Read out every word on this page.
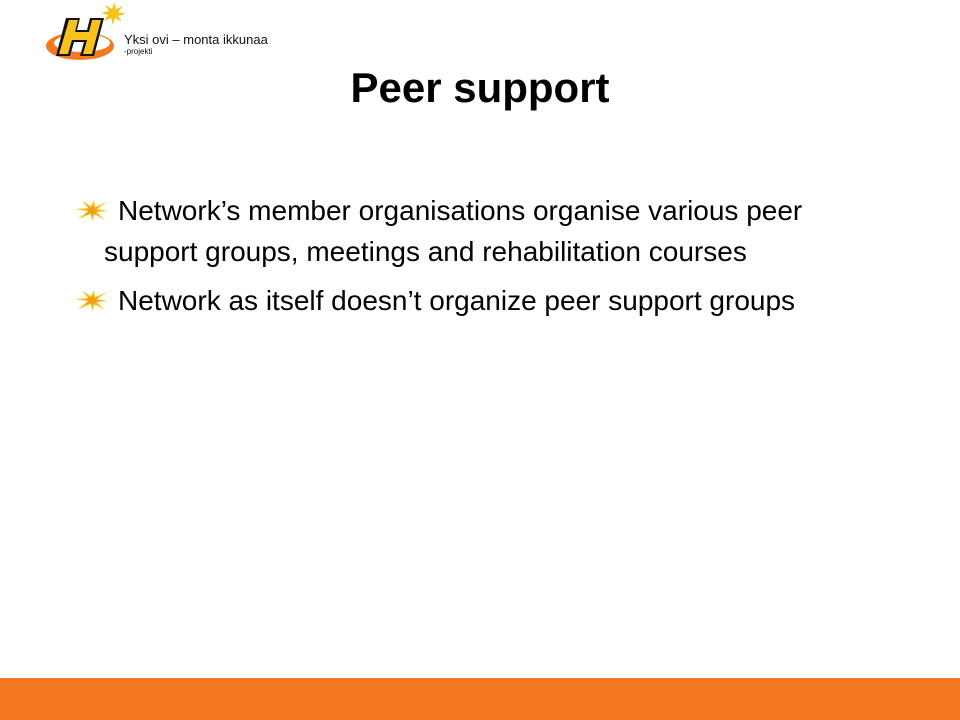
Yksi ovi – monta ikkunaa
-projekti
Peer support
Network’s member organisations organise various peer support groups, meetings and rehabilitation courses
Network as itself doesn’t organize peer support groups
